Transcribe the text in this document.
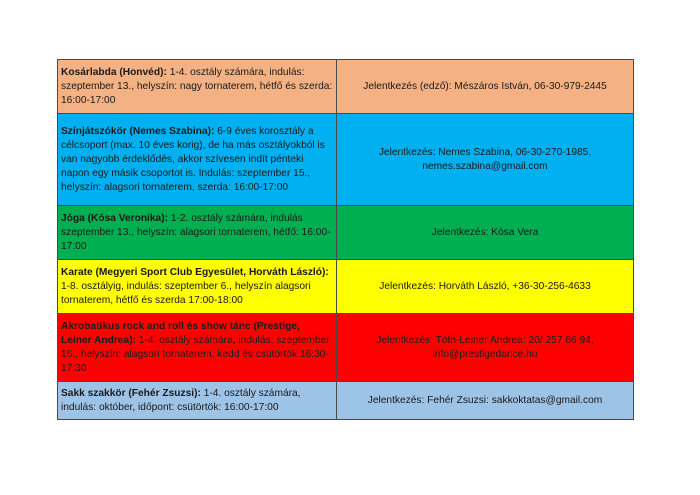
Kosárlabda (Honvéd): 1-4. osztály számára, indulás: szeptember 13., helyszín: nagy tornaterem, hétfő és szerda: 16:00-17:00	Jelentkezés (edző): Mészáros István, 06-30-979-2445

Színjátszókör (Nemes Szabina): 6-9 éves korosztály a célcsoport (max. 10 éves korig), de ha más osztályokból is van nagyobb érdeklődés, akkor szívesen indít pénteki napon egy másik csoportot is. Indulás: szeptember 15., helyszín: alagsori tornaterem, szerda: 16:00-17:00	Jelentkezés: Nemes Szabina, 06-30-270-1985,
nemes.szabina@gmail.com

Jóga (Kósa Veronika): 1-2. osztály számára, indulás szeptember 13., helyszín: alagsori tornaterem, hétfő: 16:00-17:00	Jelentkezés: Kósa Vera

Karate (Megyeri Sport Club Egyesület, Horváth László): 1-8. osztályig, indulás: szeptember 6., helyszín alagsori tornaterem, hétfő és szerda 17:00-18:00	Jelentkezés: Horváth László, +36-30-256-4633

Akrobatikus rock and roll és show tánc (Prestige, Leiner Andrea): 1-4. osztály számára, indulás: szeptember 16., helyszín: alagsori tornaterem, kedd és csütörtök 16:30-17:30	Jelentkezés: Tóth-Leiner Andrea: 20/ 257 86 94,
info@prestigedance.hu

Sakk szakkör (Fehér Zsuzsi): 1-4. osztály számára, indulás: október, időpont: csütörtök: 16:00-17:00	Jelentkezés: Fehér Zsuzsi: sakkoktatas@gmail.com
